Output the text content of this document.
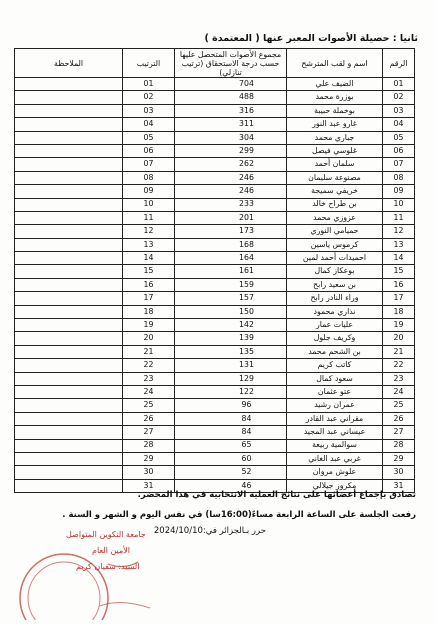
ثانيا : حصيلة الأصوات المعبر عنها ( المعتمدة )
الرقم	اسم و لقب المترشح	مجموع الأصوات المتحصل عليها حسب درجة الاستحقاق (ترتيب تنازلي)	الترتيب	الملاحظة
01	الضيف علي	704	01	
02	بوزرة محمد	488	02	
03	بوخملة حبيبة	316	03	
04	غارو عبد النور	311	04	
05	جباري محمد	304	05	
06	غلوسي فيصل	299	06	
07	سلمان أحمد	262	07	
08	مصنوعة سليمان	246	08	
09	خريفي سميحة	246	09	
10	بن طراح خالد	233	10	
11	عزوزي محمد	201	11	
12	حميامي النوري	173	12	
13	كرموس ياسين	168	13	
14	احميدات أحمد لمين	164	14	
15	بوعكاز كمال	161	15	
16	بن سعيد رابح	159	16	
17	وراء النادر رابح	157	17	
18	نذاري محمود	150	18	
19	عليات عمار	142	19	
20	وكريف جلول	139	20	
21	بن الشحم محمد	135	21	
22	كاتب كريم	131	22	
23	سعود كمال	129	23	
24	عتو عثمان	122	24	
25	عمران رشيد	96	25	
26	مقراني عبد القادر	84	26	
27	عيساني عبد المجيد	84	27	
28	سوالمية ربيعة	65	28	
29	غربي عبد الغاني	60	29	
30	علوش مروان	52	30	
31	مكروز جيلالي	46	31	
تصادق بإجماع أعضائها على نتائج العملية الانتخابية في هذا المحضر.
رفعت الجلسة على الساعة الرابعة مساءً(16:00سا) في نفس اليوم و الشهر و السنة .
حرر بـالجزائر في:2024/10/10
جامعة التكوين المتواصل
الأمين العام
السيد: سفيان كريم
